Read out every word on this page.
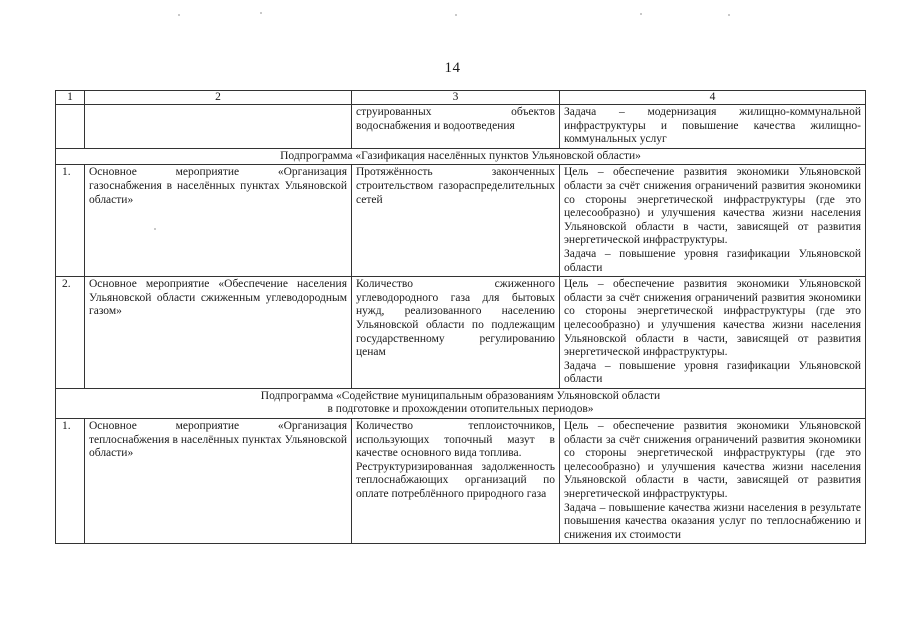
14
1	2	3	4
		струированных объектов водоснабжения и водоотведения	Задача – модернизация жилищно-коммунальной инфраструктуры и повышение качества жилищно-коммунальных услуг
Подпрограмма «Газификация населённых пунктов Ульяновской области»			
1.	Основное мероприятие «Организация газоснабжения в населённых пунктах Ульяновской области»	Протяжённость законченных строительством газораспределительных сетей	Цель – обеспечение развития экономики Ульяновской области за счёт снижения ограничений развития экономики со стороны энергетической инфраструктуры (где это целесообразно) и улучшения качества жизни населения Ульяновской области в части, зависящей от развития энергетической инфраструктуры.
Задача – повышение уровня газификации Ульяновской области

2.	Основное мероприятие «Обеспечение населения Ульяновской области сжиженным углеводородным газом»	Количество сжиженного углеводородного газа для бытовых нужд, реализованного населению Ульяновской области по подлежащим государственному регулированию ценам	Цель – обеспечение развития экономики Ульяновской области за счёт снижения ограничений развития экономики со стороны энергетической инфраструктуры (где это целесообразно) и улучшения качества жизни населения Ульяновской области в части, зависящей от развития энергетической инфраструктуры.
Задача – повышение уровня газификации Ульяновской области

Подпрограмма «Содействие муниципальным образованиям Ульяновской области
в подготовке и прохождении отопительных периодов»			

1.	Основное мероприятие «Организация теплоснабжения в населённых пунктах Ульяновской области»	Количество теплоисточников, использующих топочный мазут в качестве основного вида топлива.
Реструктуризированная задолженность теплоснабжающих организаций по оплате потреблённого природного газа	Цель – обеспечение развития экономики Ульяновской области за счёт снижения ограничений развития экономики со стороны энергетической инфраструктуры (где это целесообразно) и улучшения качества жизни населения Ульяновской области в части, зависящей от развития энергетической инфраструктуры.
Задача – повышение качества жизни населения в результате повышения качества оказания услуг по теплоснабжению и снижения их стоимости
